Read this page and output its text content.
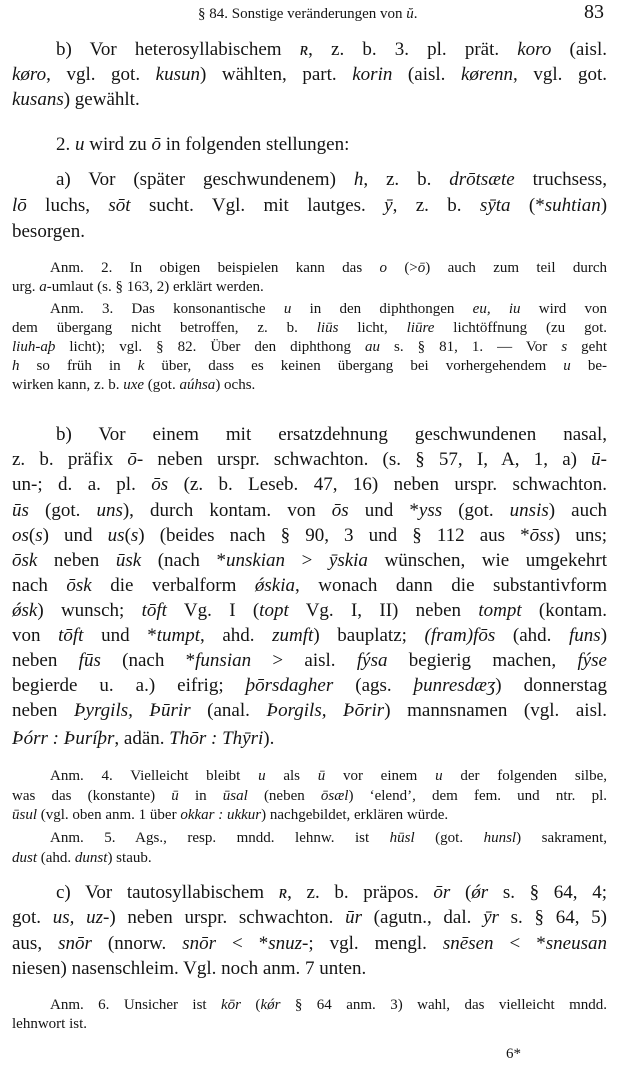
§ 84. Sonstige veränderungen von ŭ.	83
b) Vor heterosyllabischem ʀ, z. b. 3. pl. prät. koro (aisl.
køro, vgl. got. kusun) wählten, part. korin (aisl. kørenn, vgl. got.
kusans) gewählt.
2. u wird zu ō in folgenden stellungen:
a) Vor (später geschwundenem) h, z. b. drōtsæte truchsess,
lō luchs, sōt sucht. Vgl. mit lautges. ȳ, z. b. sȳta (*suhtian)
besorgen.
Anm. 2. In obigen beispielen kann das o (>ō) auch zum teil durch
urg. a-umlaut (s. § 163, 2) erklärt werden.
Anm. 3. Das konsonantische u in den diphthongen eu, iu wird von
dem übergang nicht betroffen, z. b. liūs licht, liūre lichtöffnung (zu got.
liuh-aþ licht); vgl. § 82. Über den diphthong au s. § 81, 1. — Vor s geht
h so früh in k über, dass es keinen übergang bei vorhergehendem u be-
wirken kann, z. b. uxe (got. aúhsa) ochs.
b) Vor einem mit ersatzdehnung geschwundenen nasal,
z. b. präfix ō- neben urspr. schwachton. (s. § 57, I, A, 1, a) ū-
un-; d. a. pl. ōs (z. b. Leseb. 47, 16) neben urspr. schwachton.
ūs (got. uns), durch kontam. von ōs und *yss (got. unsis) auch
os(s) und us(s) (beides nach § 90, 3 und § 112 aus *ōss) uns;
ōsk neben ūsk (nach *unskian > ȳskia wünschen, wie umgekehrt
nach ōsk die verbalform ǿskia, wonach dann die substantivform
ǿsk) wunsch; tōft Vg. I (topt Vg. I, II) neben tompt (kontam.
von tōft und *tumpt, ahd. zumft) bauplatz; (fram)fōs (ahd. funs)
neben fūs (nach *funsian > aisl. fýsa begierig machen, fýse
begierde u. a.) eifrig; þōrsdagher (ags. þunresdæʒ) donnerstag
neben Þyrgils, Þūrir (anal. Þorgils, Þōrir) mannsnamen (vgl. aisl.
Þórr : Þuríþr, adän. Thōr : Thȳri).
Anm. 4. Vielleicht bleibt u als ū vor einem u der folgenden silbe,
was das (konstante) ū in ūsal (neben ōsæl) ‘elend’, dem fem. und ntr. pl.
ūsul (vgl. oben anm. 1 über okkar : ukkur) nachgebildet, erklären würde.
Anm. 5. Ags., resp. mndd. lehnw. ist hūsl (got. hunsl) sakrament,
dust (ahd. dunst) staub.
c) Vor tautosyllabischem ʀ, z. b. präpos. ōr (ǿr s. § 64, 4;
got. us, uz-) neben urspr. schwachton. ūr (agutn., dal. ȳr s. § 64, 5)
aus, snōr (nnorw. snōr < *snuz-; vgl. mengl. snēsen < *sneusan
niesen) nasenschleim. Vgl. noch anm. 7 unten.
Anm. 6. Unsicher ist kōr (kǿr § 64 anm. 3) wahl, das vielleicht mndd.
lehnwort ist.
6*
